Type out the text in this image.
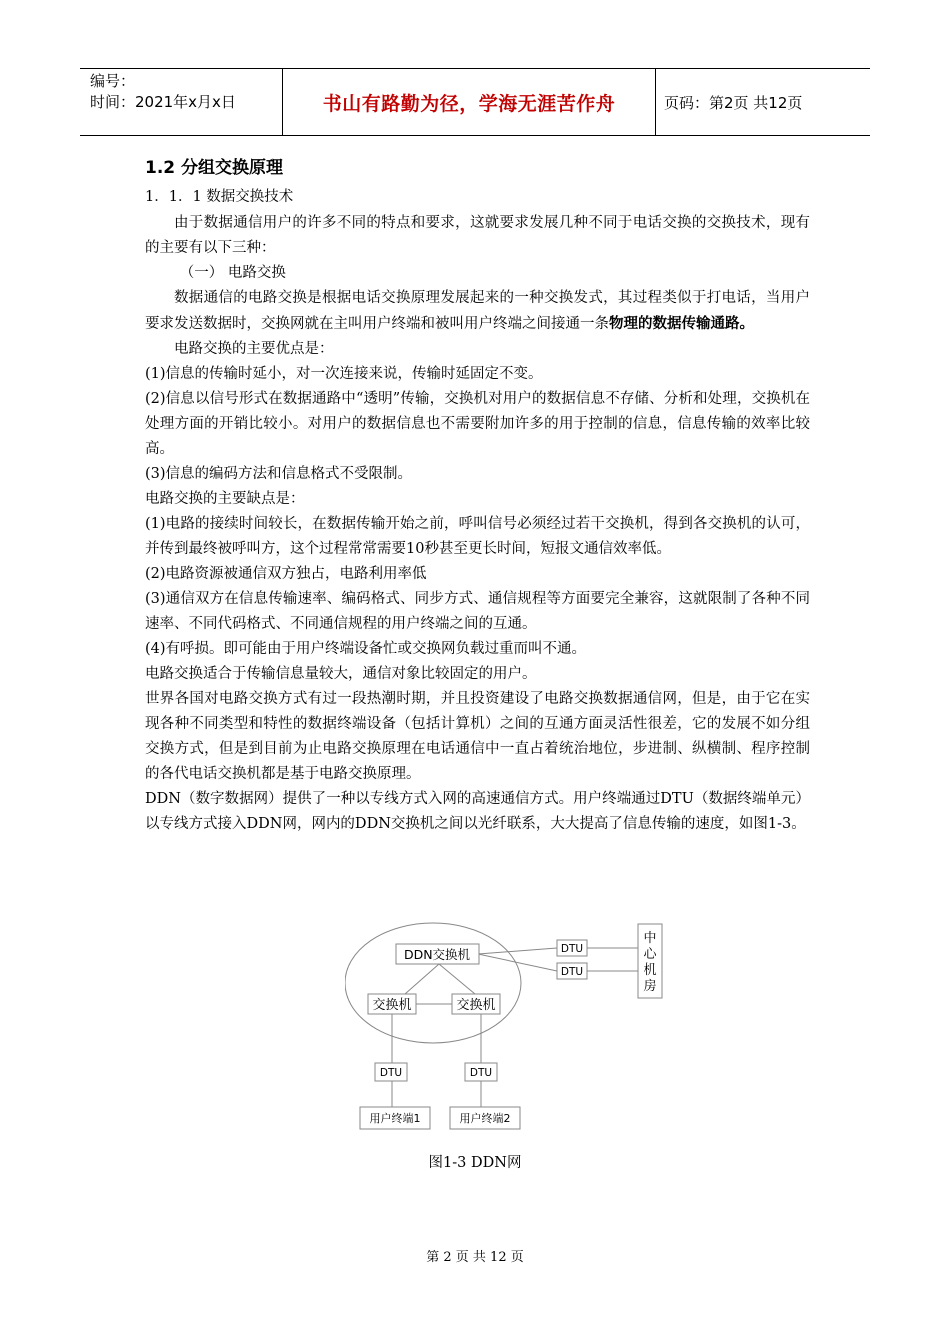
编号：
时间：2021年x月x日	书山有路勤为径，学海无涯苦作舟	页码：第2页 共12页
1.2 分组交换原理
1．1．1 数据交换技术

由于数据通信用户的许多不同的特点和要求，这就要求发展几种不同于电话交换的交换技术，现有的主要有以下三种：

（一） 电路交换

数据通信的电路交换是根据电话交换原理发展起来的一种交换发式，其过程类似于打电话，当用户要求发送数据时，交换网就在主叫用户终端和被叫用户终端之间接通一条物理的数据传输通路。

电路交换的主要优点是：

(1)信息的传输时延小，对一次连接来说，传输时延固定不变。

(2)信息以信号形式在数据通路中“透明”传输，交换机对用户的数据信息不存储、分析和处理，交换机在处理方面的开销比较小。对用户的数据信息也不需要附加许多的用于控制的信息，信息传输的效率比较高。

(3)信息的编码方法和信息格式不受限制。

电路交换的主要缺点是：

(1)电路的接续时间较长，在数据传输开始之前，呼叫信号必须经过若干交换机，得到各交换机的认可，并传到最终被呼叫方，这个过程常常需要10秒甚至更长时间，短报文通信效率低。

(2)电路资源被通信双方独占，电路利用率低

(3)通信双方在信息传输速率、编码格式、同步方式、通信规程等方面要完全兼容，这就限制了各种不同速率、不同代码格式、不同通信规程的用户终端之间的互通。

(4)有呼损。即可能由于用户终端设备忙或交换网负载过重而叫不通。

电路交换适合于传输信息量较大，通信对象比较固定的用户。

世界各国对电路交换方式有过一段热潮时期，并且投资建设了电路交换数据通信网，但是，由于它在实现各种不同类型和特性的数据终端设备（包括计算机）之间的互通方面灵活性很差，它的发展不如分组交换方式，但是到目前为止电路交换原理在电话通信中一直占着统治地位，步进制、纵横制、程序控制的各代电话交换机都是基于电路交换原理。

DDN（数字数据网）提供了一种以专线方式入网的高速通信方式。用户终端通过DTU（数据终端单元）以专线方式接入DDN网，网内的DDN交换机之间以光纤联系，大大提高了信息传输的速度，如图1-3。

DDN交换机
交换机	交换机
DTU
DTU
中
心
机
房
DTU	DTU
用户终端1	用户终端2
图1-3 DDN网
第 2 页 共 12 页
